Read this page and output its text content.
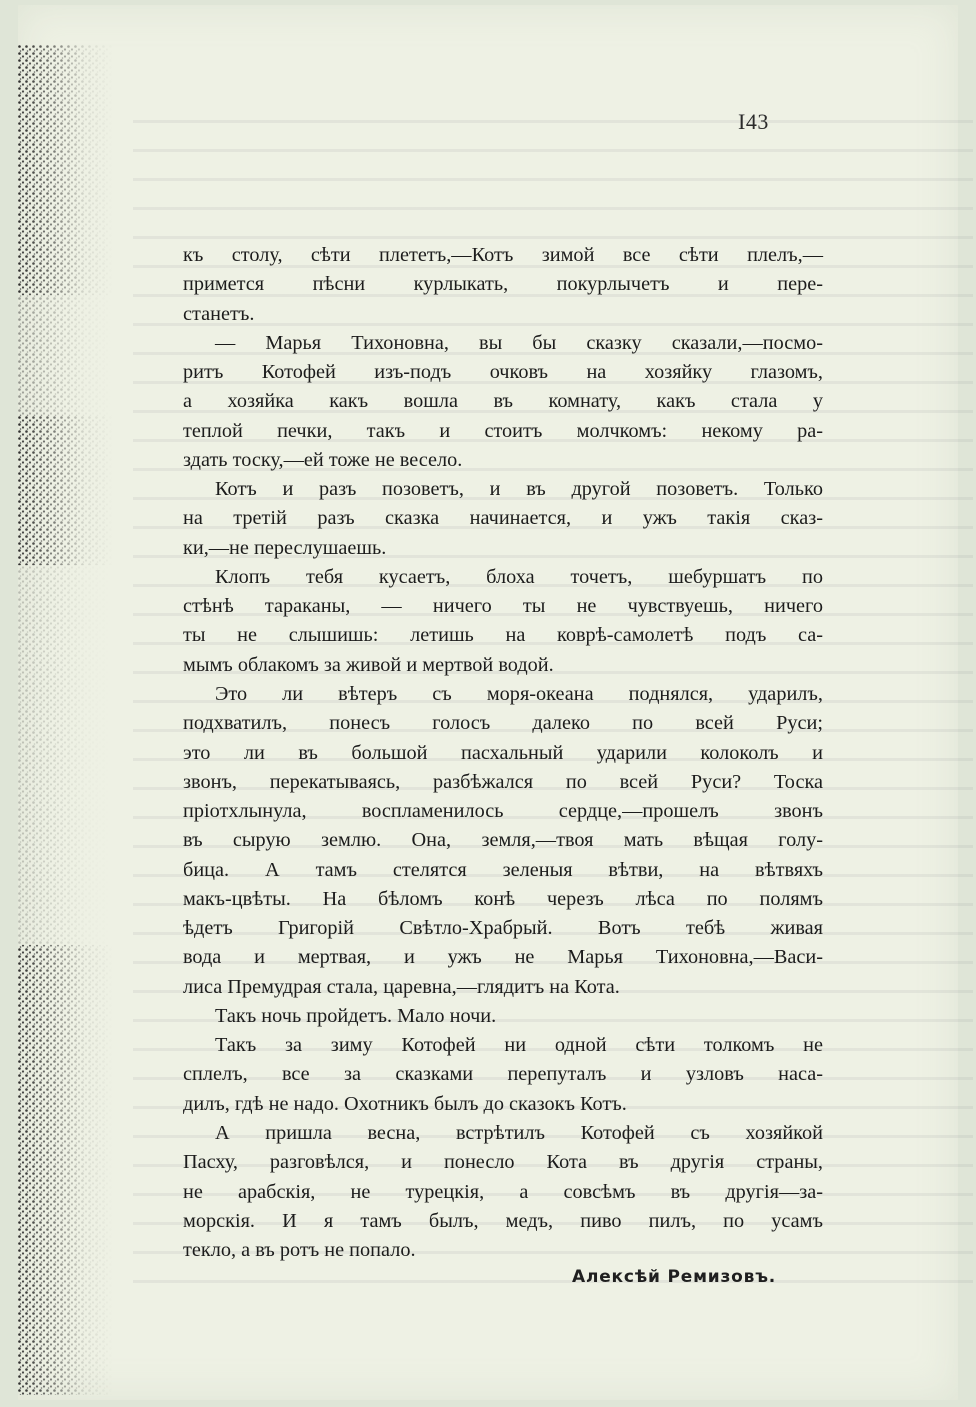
I43
къ столу, сѣти плететъ,—Котъ зимой все сѣти плелъ,—
примется пѣсни курлыкать, покурлычетъ и пере-
станетъ.
— Марья Тихоновна, вы бы сказку сказали,—посмо-
ритъ Котофей изъ-подъ очковъ на хозяйку глазомъ,
а хозяйка какъ вошла въ комнату, какъ стала у
теплой печки, такъ и стоитъ молчкомъ: некому ра-
здать тоску,—ей тоже не весело.
Котъ и разъ позоветъ, и въ другой позоветъ. Только
на третій разъ сказка начинается, и ужъ такія сказ-
ки,—не переслушаешь.
Клопъ тебя кусаетъ, блоха точетъ, шебуршатъ по
стѣнѣ тараканы, — ничего ты не чувствуешь, ничего
ты не слышишь: летишь на коврѣ-самолетѣ подъ са-
мымъ облакомъ за живой и мертвой водой.
Это ли вѣтеръ съ моря-океана поднялся, ударилъ,
подхватилъ, понесъ голосъ далеко по всей Руси;
это ли въ большой пасхальный ударили колоколъ и
звонъ, перекатываясь, разбѣжался по всей Руси? Тоска
пріотхлынула, воспламенилось сердце,—прошелъ звонъ
въ сырую землю. Она, земля,—твоя мать вѣщая голу-
бица. А тамъ стелятся зеленыя вѣтви, на вѣтвяхъ
макъ-цвѣты. На бѣломъ конѣ черезъ лѣса по полямъ
ѣдетъ Григорій Свѣтло-Храбрый. Вотъ тебѣ живая
вода и мертвая, и ужъ не Марья Тихоновна,—Васи-
лиса Премудрая стала, царевна,—глядитъ на Кота.
Такъ ночь пройдетъ. Мало ночи.
Такъ за зиму Котофей ни одной сѣти толкомъ не
сплелъ, все за сказками перепуталъ и узловъ наса-
дилъ, гдѣ не надо. Охотникъ былъ до сказокъ Котъ.
А пришла весна, встрѣтилъ Котофей съ хозяйкой
Пасху, разговѣлся, и понесло Кота въ другія страны,
не арабскія, не турецкія, а совсѣмъ въ другія—за-
морскія. И я тамъ былъ, медъ, пиво пилъ, по усамъ
текло, а въ ротъ не попало.
Алексѣй Ремизовъ.
